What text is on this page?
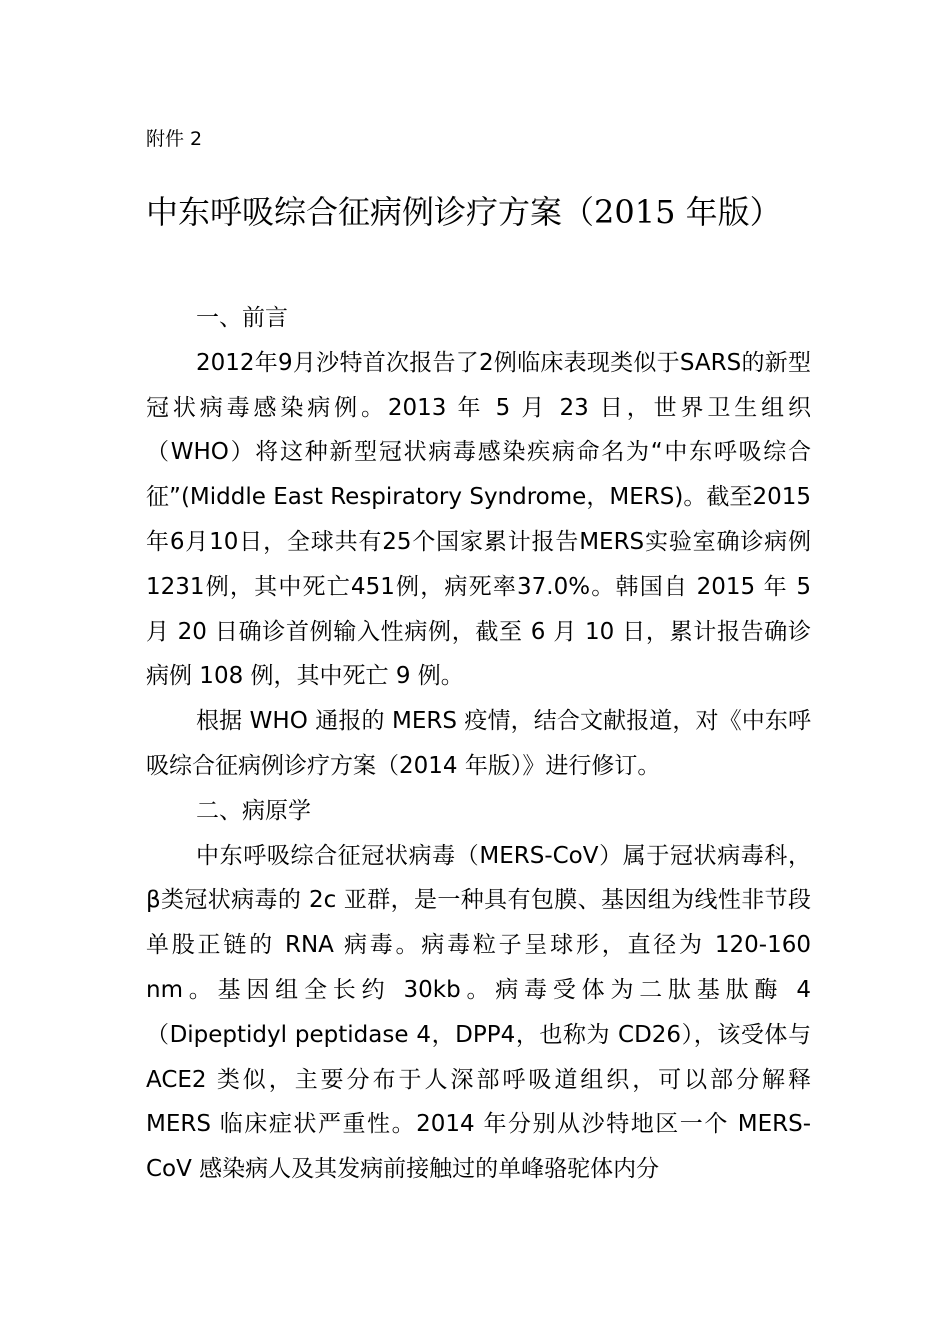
附件 2
中东呼吸综合征病例诊疗方案（2015 年版）

一、前言

2012年9月沙特首次报告了2例临床表现类似于SARS的新型冠状病毒感染病例。2013 年 5 月 23 日，世界卫生组织（WHO）将这种新型冠状病毒感染疾病命名为“中东呼吸综合征”(Middle East Respiratory Syndrome，MERS)。截至2015年6月10日，全球共有25个国家累计报告MERS实验室确诊病例1231例，其中死亡451例，病死率37.0%。韩国自 2015 年 5 月 20 日确诊首例输入性病例，截至 6 月 10 日，累计报告确诊病例 108 例，其中死亡 9 例。

根据 WHO 通报的 MERS 疫情，结合文献报道，对《中东呼吸综合征病例诊疗方案（2014 年版）》进行修订。

二、病原学

中东呼吸综合征冠状病毒（MERS-CoV）属于冠状病毒科，β类冠状病毒的 2c 亚群，是一种具有包膜、基因组为线性非节段单股正链的 RNA 病毒。病毒粒子呈球形，直径为 120-160 nm。基因组全长约 30kb。病毒受体为二肽基肽酶 4（Dipeptidyl peptidase 4，DPP4，也称为 CD26），该受体与 ACE2 类似，主要分布于人深部呼吸道组织，可以部分解释 MERS 临床症状严重性。2014 年分别从沙特地区一个 MERS-CoV 感染病人及其发病前接触过的单峰骆驼体内分
